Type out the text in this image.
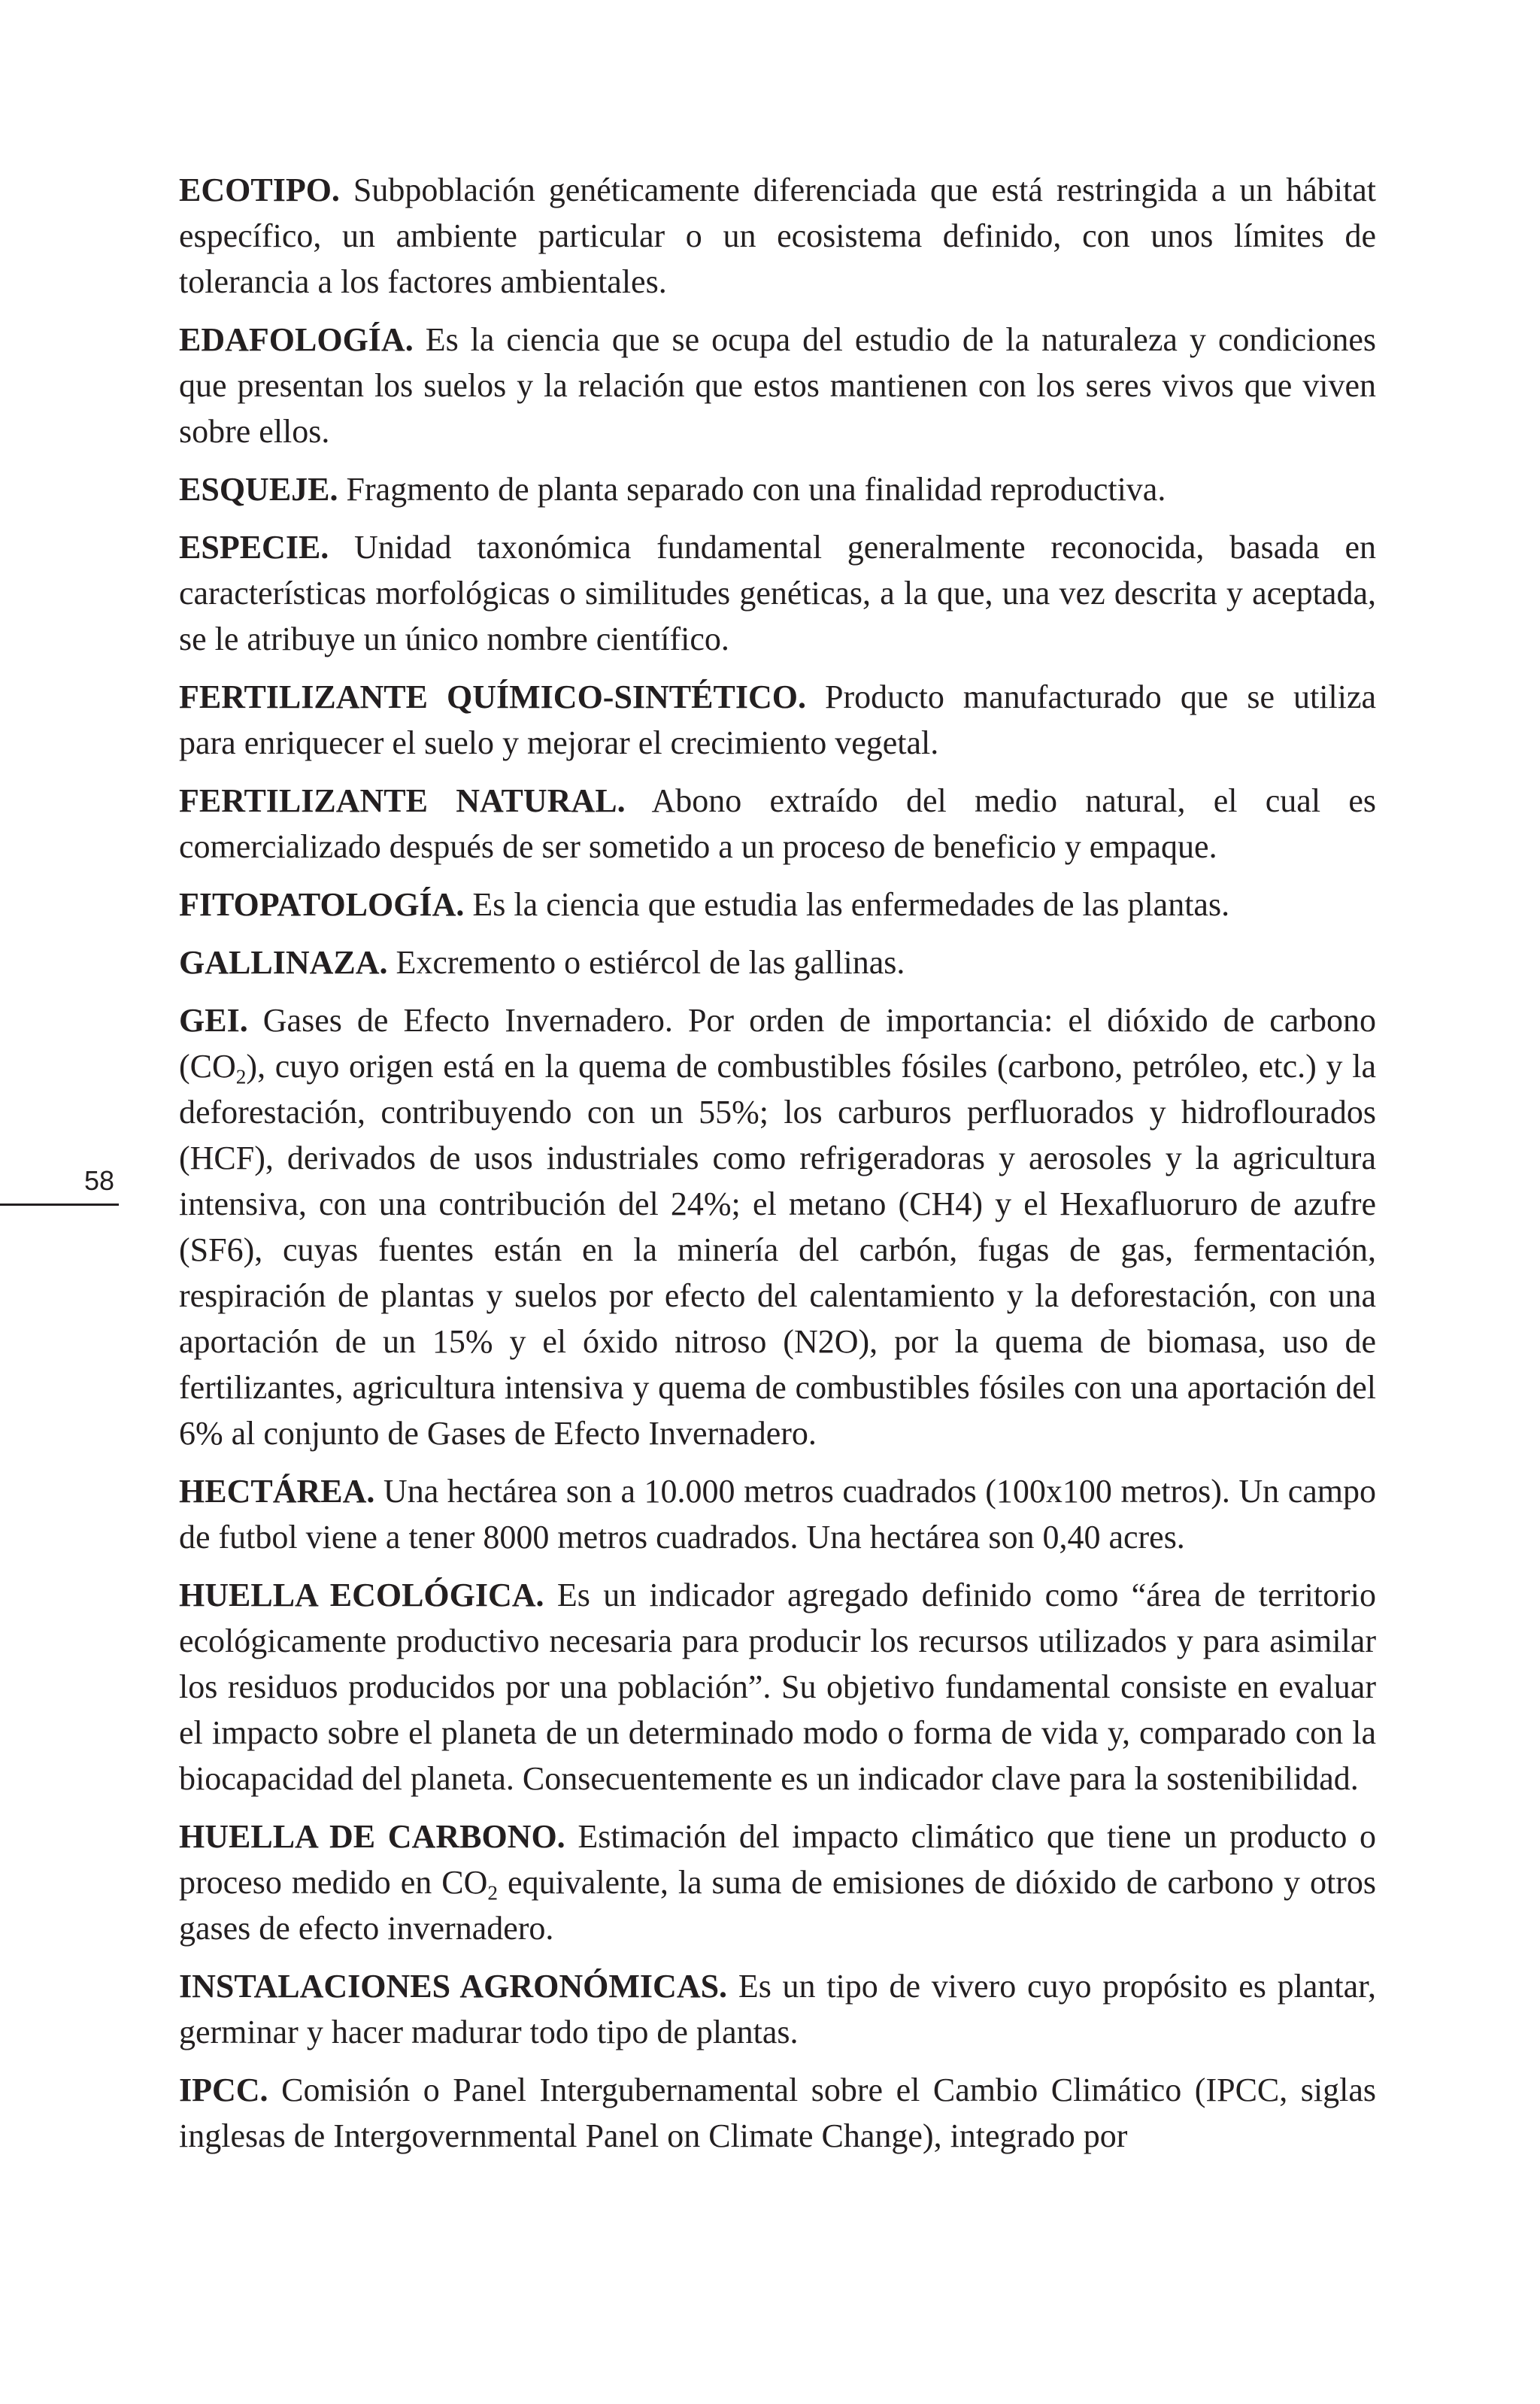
ECOTIPO. Subpoblación genéticamente diferenciada que está restringida a un hábitat específico, un ambiente particular o un ecosistema definido, con unos límites de tolerancia a los factores ambientales.

EDAFOLOGÍA. Es la ciencia que se ocupa del estudio de la naturaleza y condiciones que presentan los suelos y la relación que estos mantienen con los seres vivos que viven sobre ellos.

ESQUEJE. Fragmento de planta separado con una finalidad reproductiva.

ESPECIE. Unidad taxonómica fundamental generalmente reconocida, basada en características morfológicas o similitudes genéticas, a la que, una vez descrita y aceptada, se le atribuye un único nombre científico.

FERTILIZANTE QUÍMICO-SINTÉTICO. Producto manufacturado que se utiliza para enriquecer el suelo y mejorar el crecimiento vegetal.

FERTILIZANTE NATURAL. Abono extraído del medio natural, el cual es comercializado después de ser sometido a un proceso de beneficio y empaque.

FITOPATOLOGÍA. Es la ciencia que estudia las enfermedades de las plantas.

GALLINAZA. Excremento o estiércol de las gallinas.

GEI. Gases de Efecto Invernadero. Por orden de importancia: el dióxido de carbono $(CO_2)$, cuyo origen está en la quema de combustibles fósiles (carbono, petróleo, etc.) y la deforestación, contribuyendo con un 55%; los carburos perfluorados y hidroflourados (HCF), derivados de usos industriales como refrigeradoras y aerosoles y la agricultura intensiva, con una contribución del 24%; el metano (CH4) y el Hexafluoruro de azufre (SF6), cuyas fuentes están en la minería del carbón, fugas de gas, fermentación, respiración de plantas y suelos por efecto del calentamiento y la deforestación, con una aportación de un 15% y el óxido nitroso (N2O), por la quema de biomasa, uso de fertilizantes, agricultura intensiva y quema de combustibles fósiles con una aportación del 6% al conjunto de Gases de Efecto Invernadero.

HECTÁREA. Una hectárea son a 10.000 metros cuadrados (100x100 metros). Un campo de futbol viene a tener 8000 metros cuadrados. Una hectárea son 0,40 acres.

HUELLA ECOLÓGICA. Es un indicador agregado definido como “área de territorio ecológicamente productivo necesaria para producir los recursos utilizados y para asimilar los residuos producidos por una población”. Su objetivo fundamental consiste en evaluar el impacto sobre el planeta de un determinado modo o forma de vida y, comparado con la biocapacidad del planeta. Consecuentemente es un indicador clave para la sostenibilidad.

HUELLA DE CARBONO. Estimación del impacto climático que tiene un producto o proceso medido en $CO_2$ equivalente, la suma de emisiones de dióxido de carbono y otros gases de efecto invernadero.

INSTALACIONES AGRONÓMICAS. Es un tipo de vivero cuyo propósito es plantar, germinar y hacer madurar todo tipo de plantas.

IPCC. Comisión o Panel Intergubernamental sobre el Cambio Climático (IPCC, siglas inglesas de Intergovernmental Panel on Climate Change), integrado por

58
